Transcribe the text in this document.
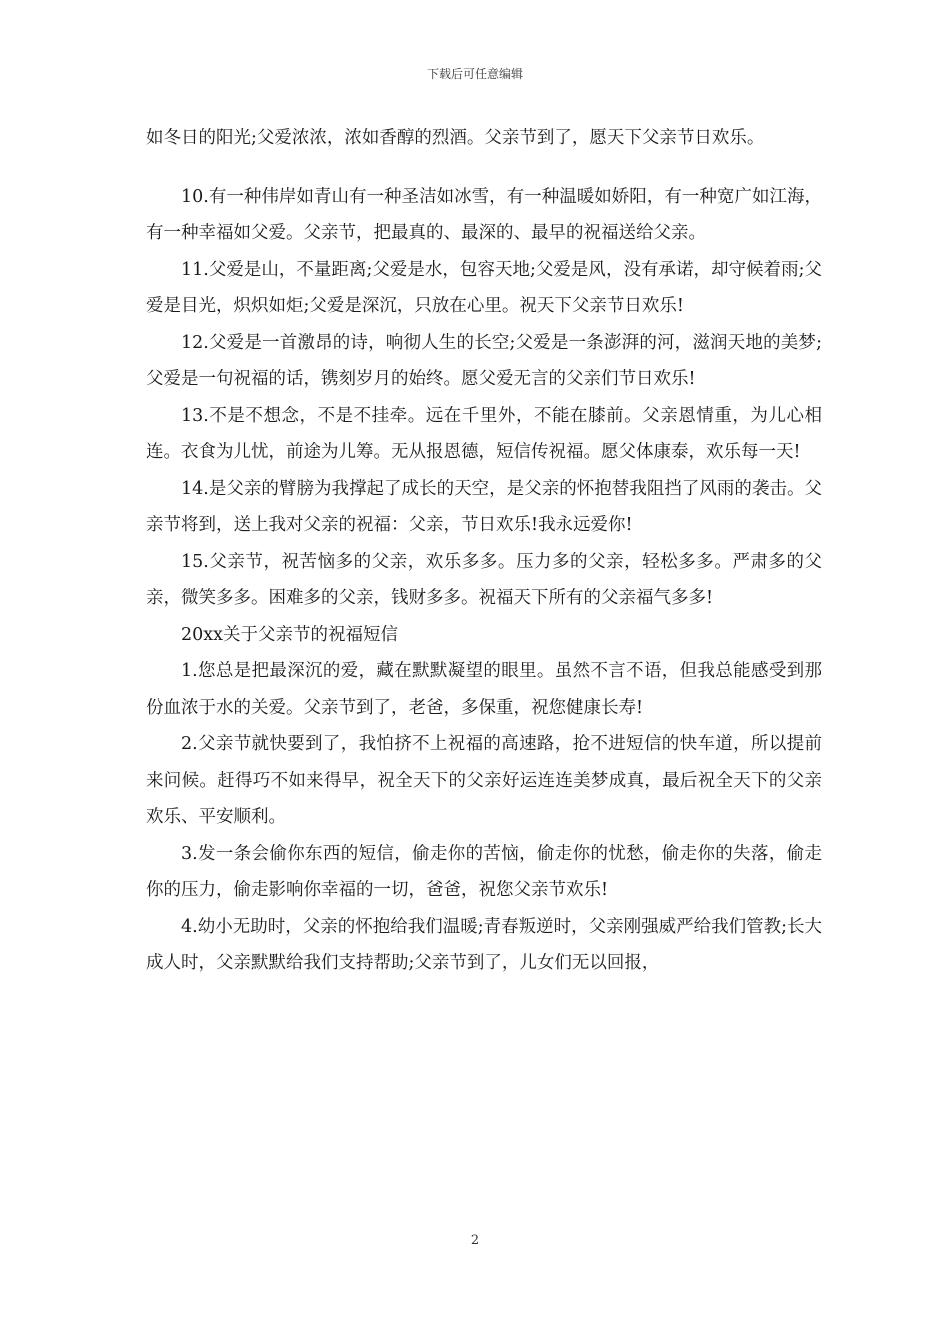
下载后可任意编辑

如冬日的阳光;父爱浓浓，浓如香醇的烈酒。父亲节到了，愿天下父亲节日欢乐。

10.有一种伟岸如青山有一种圣洁如冰雪，有一种温暖如娇阳，有一种宽广如江海，有一种幸福如父爱。父亲节，把最真的、最深的、最早的祝福送给父亲。

11.父爱是山，不量距离;父爱是水，包容天地;父爱是风，没有承诺，却守候着雨;父爱是目光，炽炽如炬;父爱是深沉，只放在心里。祝天下父亲节日欢乐!

12.父爱是一首激昂的诗，响彻人生的长空;父爱是一条澎湃的河，滋润天地的美梦;父爱是一句祝福的话，镌刻岁月的始终。愿父爱无言的父亲们节日欢乐!

13.不是不想念，不是不挂牵。远在千里外，不能在膝前。父亲恩情重，为儿心相连。衣食为儿忧，前途为儿筹。无从报恩德，短信传祝福。愿父体康泰，欢乐每一天!

14.是父亲的臂膀为我撑起了成长的天空，是父亲的怀抱替我阻挡了风雨的袭击。父亲节将到，送上我对父亲的祝福：父亲，节日欢乐!我永远爱你!

15.父亲节，祝苦恼多的父亲，欢乐多多。压力多的父亲，轻松多多。严肃多的父亲，微笑多多。困难多的父亲，钱财多多。祝福天下所有的父亲福气多多!

20xx关于父亲节的祝福短信

1.您总是把最深沉的爱，藏在默默凝望的眼里。虽然不言不语，但我总能感受到那份血浓于水的关爱。父亲节到了，老爸，多保重，祝您健康长寿!

2.父亲节就快要到了，我怕挤不上祝福的高速路，抢不进短信的快车道，所以提前来问候。赶得巧不如来得早，祝全天下的父亲好运连连美梦成真，最后祝全天下的父亲欢乐、平安顺利。

3.发一条会偷你东西的短信，偷走你的苦恼，偷走你的忧愁，偷走你的失落，偷走你的压力，偷走影响你幸福的一切，爸爸，祝您父亲节欢乐!

4.幼小无助时，父亲的怀抱给我们温暖;青春叛逆时，父亲刚强威严给我们管教;长大成人时，父亲默默给我们支持帮助;父亲节到了，儿女们无以回报，

2
